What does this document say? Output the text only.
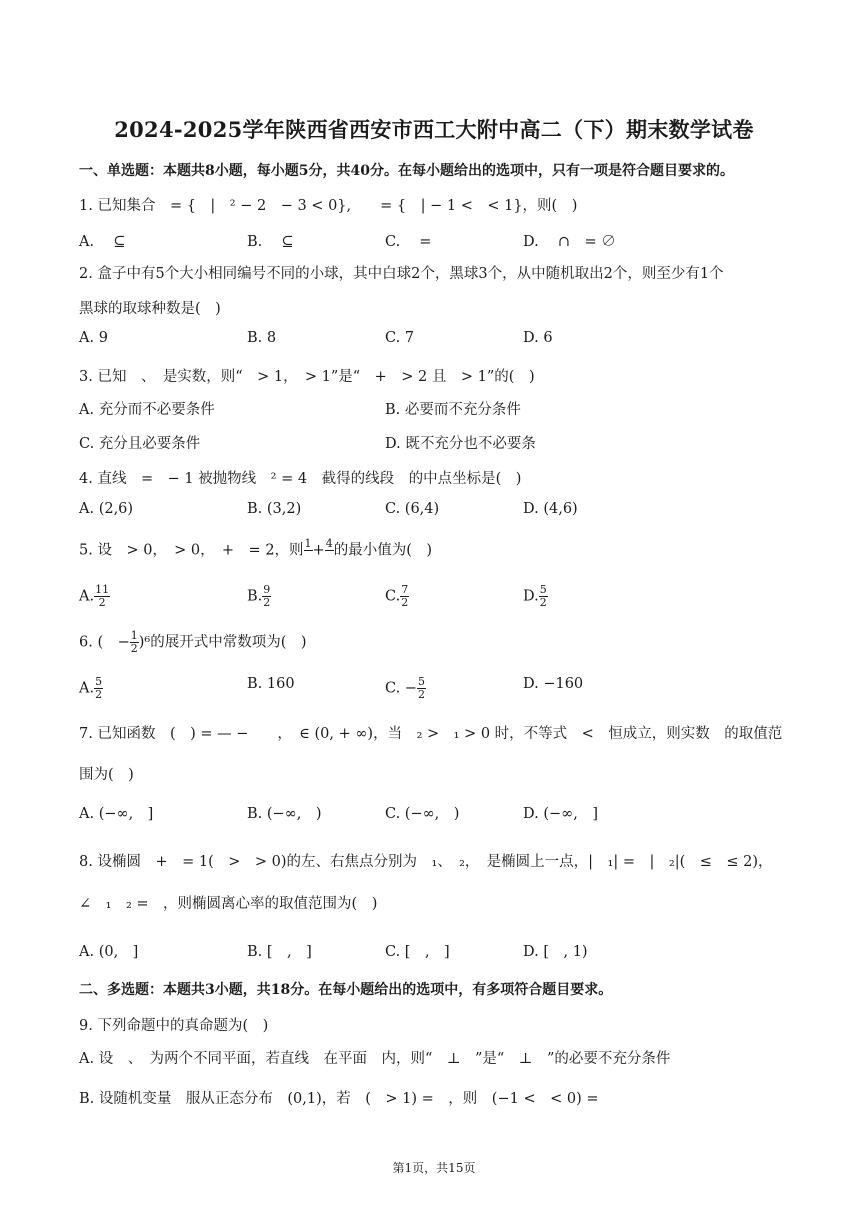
2024-2025学年陕西省西安市西工大附中高二（下）期末数学试卷
一、单选题：本题共8小题，每小题5分，共40分。在每小题给出的选项中，只有一项是符合题目要求的。
1. 已知集合　= {　|　² − 2　− 3 < 0},　　= {　| − 1 <　< 1}，则(　)
A. 　⊆	B. 　⊆	C. 　=	D. 　∩　= ∅
2. 盒子中有5个大小相同编号不同的小球，其中白球2个，黑球3个，从中随机取出2个，则至少有1个
黑球的取球种数是(　)
A. 9	B. 8	C. 7	D. 6
3. 已知　、　是实数，则“　> 1，　> 1”是“　+　> 2 且　> 1”的(　)
A. 充分而不必要条件	B. 必要而不充分条件
C. 充分且必要条件	D. 既不充分也不必要条
4. 直线　=　− 1 被抛物线　² = 4　截得的线段　的中点坐标是(　)
A. (2,6)	B. (3,2)	C. (6,4)	D. (4,6)
5. 设　> 0，　> 0，　+　= 2，则 1
+ 4
的最小值为(　)
A. $\frac{11}{2}$	B. $\frac{9}{2}$	C. $\frac{7}{2}$	D. $\frac{5}{2}$
6. (　− $\frac{1}{2} )^6$的展开式中常数项为(　)
A. $\frac{5}{2}$	B. 160	C. − $\frac{5}{2}$	D. −160
7. 已知函数　(　) = — −　　，　∈ (0, + ∞)，当　₂ >　₁ > 0 时，不等式　<　恒成立，则实数　的取值范
围为(　)
A. (−∞,　]	B. (−∞,　)	C. (−∞,　)	D. (−∞,　]
8. 设椭圆　+　= 1(　>　> 0)的左、右焦点分别为　₁、　₂，　是椭圆上一点，|　₁| =　|　₂|(　 ≤　≤ 2)，
∠　₁　₂ =　 ，则椭圆离心率的取值范围为(　)
A. (0,　]	B. [　,　]	C. [　,　]	D. [　, 1)
二、多选题：本题共3小题，共18分。在每小题给出的选项中，有多项符合题目要求。
9. 下列命题中的真命题为(　)
A. 设　、　为两个不同平面，若直线　在平面　内，则“　⊥　”是“　⊥　”的必要不充分条件
B. 设随机变量　服从正态分布　(0,1)，若　(　> 1) =　，则　(−1 <　< 0) =
第1页，共15页
